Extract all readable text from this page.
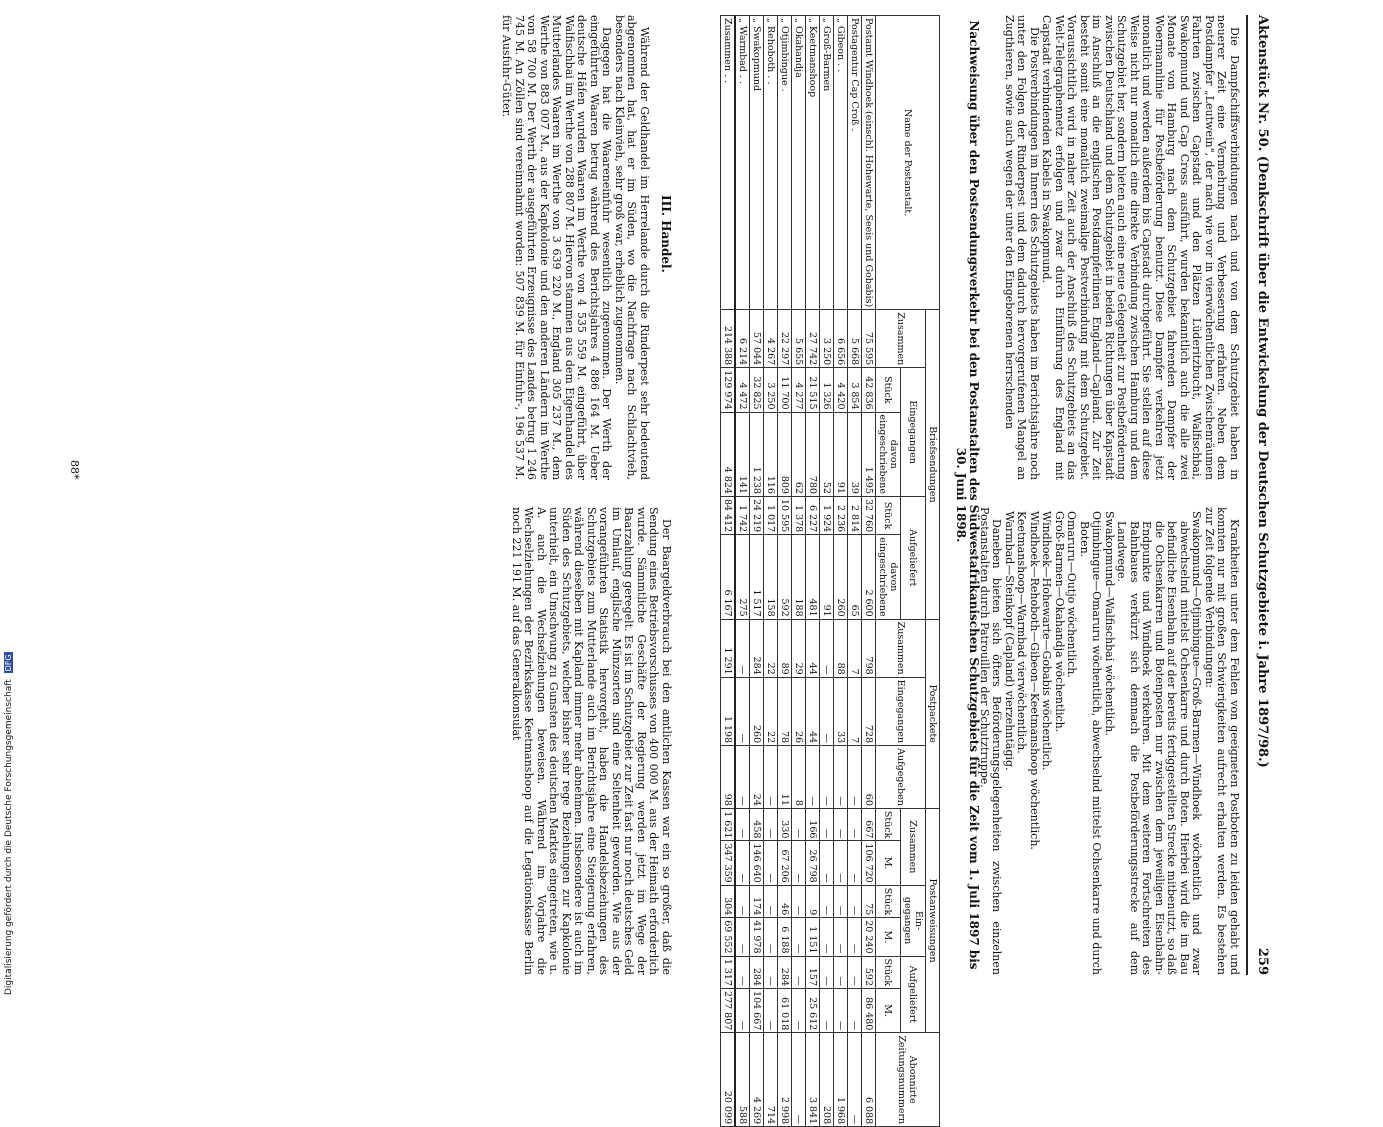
Aktenstück Nr. 50. (Denkschrift über die Entwickelung der Deutschen Schutzgebiete i. Jahre 1897/98.)
259

Die Dampfschiffsverbindungen nach und von dem Schutzgebiet haben in neuerer Zeit eine Vermehrung und Verbesserung erfahren. Neben dem Postdampfer „Leutwein", der nach wie vor in vierwöchentlichen Zwischenräumen Fahrten zwischen Capstadt und den Plätzen Lüderitzbucht, Walfischbai, Swakopmund und Cap Cross ausführt, wurden bekanntlich auch die alle zwei Monate von Hamburg nach dem Schutzgebiet fahrenden Dampfer der Woermannlinie für Postbeförderung benutzt. Diese Dampfer verkehren jetzt monatlich und werden außerdem bis Capstadt durchgeführt. Sie stellen auf diese Weise nicht nur monatlich eine direkte Verbindung zwischen Hamburg und dem Schutzgebiet her, sondern bieten auch eine neue Gelegenheit zur Postbeförderung zwischen Deutschland und dem Schutzgebiet in beiden Richtungen über Kapstadt im Anschluß an die englischen Postdampferlinien England—Capland. Zur Zeit besteht somit eine monatlich zweimalige Postverbindung mit dem Schutzgebiet. Voraussichtlich wird in naher Zeit auch der Anschluß des Schutzgebiets an das Welt-Telegraphennetz erfolgen und zwar durch Einführung des England mit Capstadt verbindenden Kabels in Swakopmund.

Die Postverbindungen im Innern des Schutzgebiets haben im Berichtsjahre noch unter den Folgen der Rinderpest und dem dadurch hervorgerufenen Mangel an Zugthieren, sowie auch wegen der unter den Eingeborenen herrschenden

Krankheiten unter dem Fehlen von geeigneten Postboten zu leiden gehabt und konnten nur mit großen Schwierigkeiten aufrecht erhalten werden. Es bestehen zur Zeit folgende Verbindungen:

Swakopmund—Otjimbingue—Groß-Barmen—Windhoek wöchentlich und zwar abwechselnd mittelst Ochsenkarre und durch Boten. Hierbei wird die im Bau befindliche Eisenbahn auf der bereits fertiggestellten Strecke mitbenutzt, so daß die Ochsenkarren und Botenposten nur zwischen dem jeweiligen Eisenbahn-Endpunkte und Windhoek verkehren. Mit dem weiteren Fortschreiten des Bahnbaues verkürzt sich demnach die Postbeförderungsstrecke auf dem Landwege.

Swakopmund—Walfischbai wöchentlich.

Otjimbingue—Omaruru wöchentlich, abwechselnd mittelst Ochsenkarre und durch Boten.

Omaruru—Outjo wöchentlich.

Groß-Barmen—Okahandja wöchentlich.

Windhoek—Hohewarte—Gobabis wöchentlich.

Windhoek—Rehoboth—Gibeon—Keetmanshoop wöchentlich.

Keetmanshoop—Warmbad vierwöchentlich.

Warmbad—Steinkopf (Capland) vierzehntägig.

Daneben bieten sich öfters Beförderungsgelegenheiten zwischen einzelnen Postanstalten durch Patrouillen der Schutztruppe.

Nachweisung über den Postsendungsverkehr bei den Postanstalten des Südwestafrikanischen Schutzgebiets für die Zeit vom 1. Juli 1897 bis 30. Juni 1898.
Name der Postanstalt.	Briefsendungen					Postpackete			Postanweisungen						Abonnirte Zeitungsnummern
	Zusammen	Eingegangen		Aufgeliefert		Zusammen	Eingegangen	Aufgegeben	Zusammen		Ein-gegangen		Aufgeliefert		
		Stück	davon eingeschriebene	Stück	davon eingeschriebene				Stück	M.	Stück	M.	Stück	M.	
Postamt Windhoek (einschl. Hohewarte, Seeis und Gobabis)	75 595	42 836	1 495	32 760	2 600	798	728	60	667	106 720	75	20 240	592	86 480	6 088
Postagentur Cap Croß .	5 668	3 854	39	2 814	65	7	7	—	—	—	—	—	—	—	—
„ Gibeon . .	6 656	4 420	91	2 236	260	88	33	—	—	—	—	—	—	—	1 968
„ Groß-Barmen	3 250	1 326	52	1 924	91	—	—	—	—	—	—	—	—	—	208
„ Keetmanshoop	27 742	21 515	780	6 227	481	44	44	—	166	26 798	9	1 151	157	25 612	3 841
„ Okahandja	5 655	4 277	62	1 378	188	29	26	8	—	—	—	—	—	—	—
„ Otjimbingue .	22 297	11 700	809	10 595	592	89	78	11	330	67 206	46	6 188	284	61 018	2 998
„ Rehoboth . .	4 267	3 250	116	1 017	158	22	22	—	—	—	—	—	—	—	714
„ Swakopmund	57 044	32 825	1 238	24 219	1 517	284	260	24	458	146 640	174	41 978	284	104 667	4 269
„ Warmbad . .	6 214	4 472	141	1 742	275	—	—	—	—	—	—	—	—	—	588
Zusammen . .	214 388	129 974	4 824	84 412	6 167	1 291	1 198	98	1 621	347 359	304	69 552	1 317	277 807	20 099
III. Handel.

Während der Geldhandel im Herrelande durch die Rinderpest sehr bedeutend abgenommen hat, hat er im Süden, wo die Nachfrage nach Schlachtvieh, besonders nach Kleinvieh, sehr groß war, erheblich zugenommen.

Dagegen hat die Waareneinfuhr wesentlich zugenommen. Der Werth der eingeführten Waaren betrug während des Berichtsjahres 4 886 164 M. Ueber deutsche Häfen wurden Waaren im Werthe von 4 535 559 M. eingeführt, über Walfischbai im Werthe von 288 807 M. Hiervon stammen aus dem Eigenhandel des Mutterlandes Waaren im Werthe von 3 639 220 M., England 305 237 M., dem Werthe von 883 007 M., aus der Kapkolonie und den anderen Ländern im Werthe von 58 700 M. Der Werth der ausgeführten Erzeugnisse des Landes betrug 1 246 745 M. An Zöllen sind vereinnahmt worden: 507 839 M. für Einfuhr-, 196 537 M. für Ausfuhr-Güter.

Der Baargeldverbrauch bei den amtlichen Kassen war ein so großer, daß die Sendung eines Betriebsvorschusses von 400 000 M. aus der Heimath erforderlich wurde. Sämmtliche Geschäfte der Regierung werden jetzt im Wege der Baarzahlung geregelt. Es ist im Schutzgebiet zur Zeit fast nur noch deutsches Geld im Umlauf, englische Münzsorten sind eine Seltenheit geworden. Wie aus der vorangeführten Statistik hervorgeht, haben die Handelsbeziehungen des Schutzgebiets zum Mutterlande auch im Berichtsjahre eine Steigerung erfahren, während dieselben mit Kapland immer mehr abnehmen. Insbesondere ist auch im Süden des Schutzgebiets, welcher bisher sehr rege Beziehungen zur Kapkolonie unterhielt, ein Umschwung zu Gunsten des deutschen Marktes eingetreten, wie u. A. auch die Wechselziehungen beweisen. Während im Vorjahre die Wechselziehungen der Bezirkskasse Keetmanshoop auf die Legationskasse Berlin noch 221 191 M. auf das Generalkonsulat

88*
Digitalisierung gefördert durch die Deutsche Forschungsgemeinschaft DFG
